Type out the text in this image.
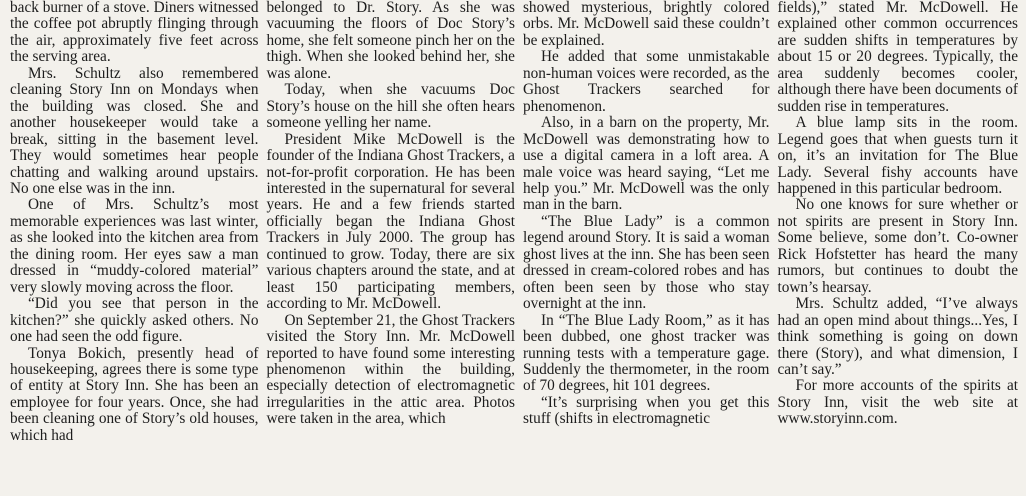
back burner of a stove. Diners witnessed the coffee pot abruptly flinging through the air, approximately five feet across the serving area.

Mrs. Schultz also remembered cleaning Story Inn on Mondays when the building was closed. She and another housekeeper would take a break, sitting in the basement level. They would sometimes hear people chatting and walking around upstairs. No one else was in the inn.

One of Mrs. Schultz’s most memorable experiences was last winter, as she looked into the kitchen area from the dining room. Her eyes saw a man dressed in “muddy-colored material” very slowly moving across the floor.

“Did you see that person in the kitchen?” she quickly asked others. No one had seen the odd figure.

Tonya Bokich, presently head of housekeeping, agrees there is some type of entity at Story Inn. She has been an employee for four years. Once, she had been cleaning one of Story’s old houses, which had

belonged to Dr. Story. As she was vacuuming the floors of Doc Story’s home, she felt someone pinch her on the thigh. When she looked behind her, she was alone.

Today, when she vacuums Doc Story’s house on the hill she often hears someone yelling her name.

President Mike McDowell is the founder of the Indiana Ghost Trackers, a not-for-profit corporation. He has been interested in the supernatural for several years. He and a few friends started officially began the Indiana Ghost Trackers in July 2000. The group has continued to grow. Today, there are six various chapters around the state, and at least 150 participating members, according to Mr. McDowell.

On September 21, the Ghost Trackers visited the Story Inn. Mr. McDowell reported to have found some interesting phenomenon within the building, especially detection of electromagnetic irregularities in the attic area. Photos were taken in the area, which

showed mysterious, brightly colored orbs. Mr. McDowell said these couldn’t be explained.

He added that some unmistakable non-human voices were recorded, as the Ghost Trackers searched for phenomenon.

Also, in a barn on the property, Mr. McDowell was demonstrating how to use a digital camera in a loft area. A male voice was heard saying, “Let me help you.” Mr. McDowell was the only man in the barn.

“The Blue Lady” is a common legend around Story. It is said a woman ghost lives at the inn. She has been seen dressed in cream-colored robes and has often been seen by those who stay overnight at the inn.

In “The Blue Lady Room,” as it has been dubbed, one ghost tracker was running tests with a temperature gage. Suddenly the thermometer, in the room of 70 degrees, hit 101 degrees.

“It’s surprising when you get this stuff (shifts in electromagnetic

fields),” stated Mr. McDowell. He explained other common occurrences are sudden shifts in temperatures by about 15 or 20 degrees. Typically, the area suddenly becomes cooler, although there have been documents of sudden rise in temperatures.

A blue lamp sits in the room. Legend goes that when guests turn it on, it’s an invitation for The Blue Lady. Several fishy accounts have happened in this particular bedroom.

No one knows for sure whether or not spirits are present in Story Inn. Some believe, some don’t. Co-owner Rick Hofstetter has heard the many rumors, but continues to doubt the town’s hearsay.

Mrs. Schultz added, “I’ve always had an open mind about things...Yes, I think something is going on down there (Story), and what dimension, I can’t say.”

For more accounts of the spirits at Story Inn, visit the web site at www.storyinn.com.
